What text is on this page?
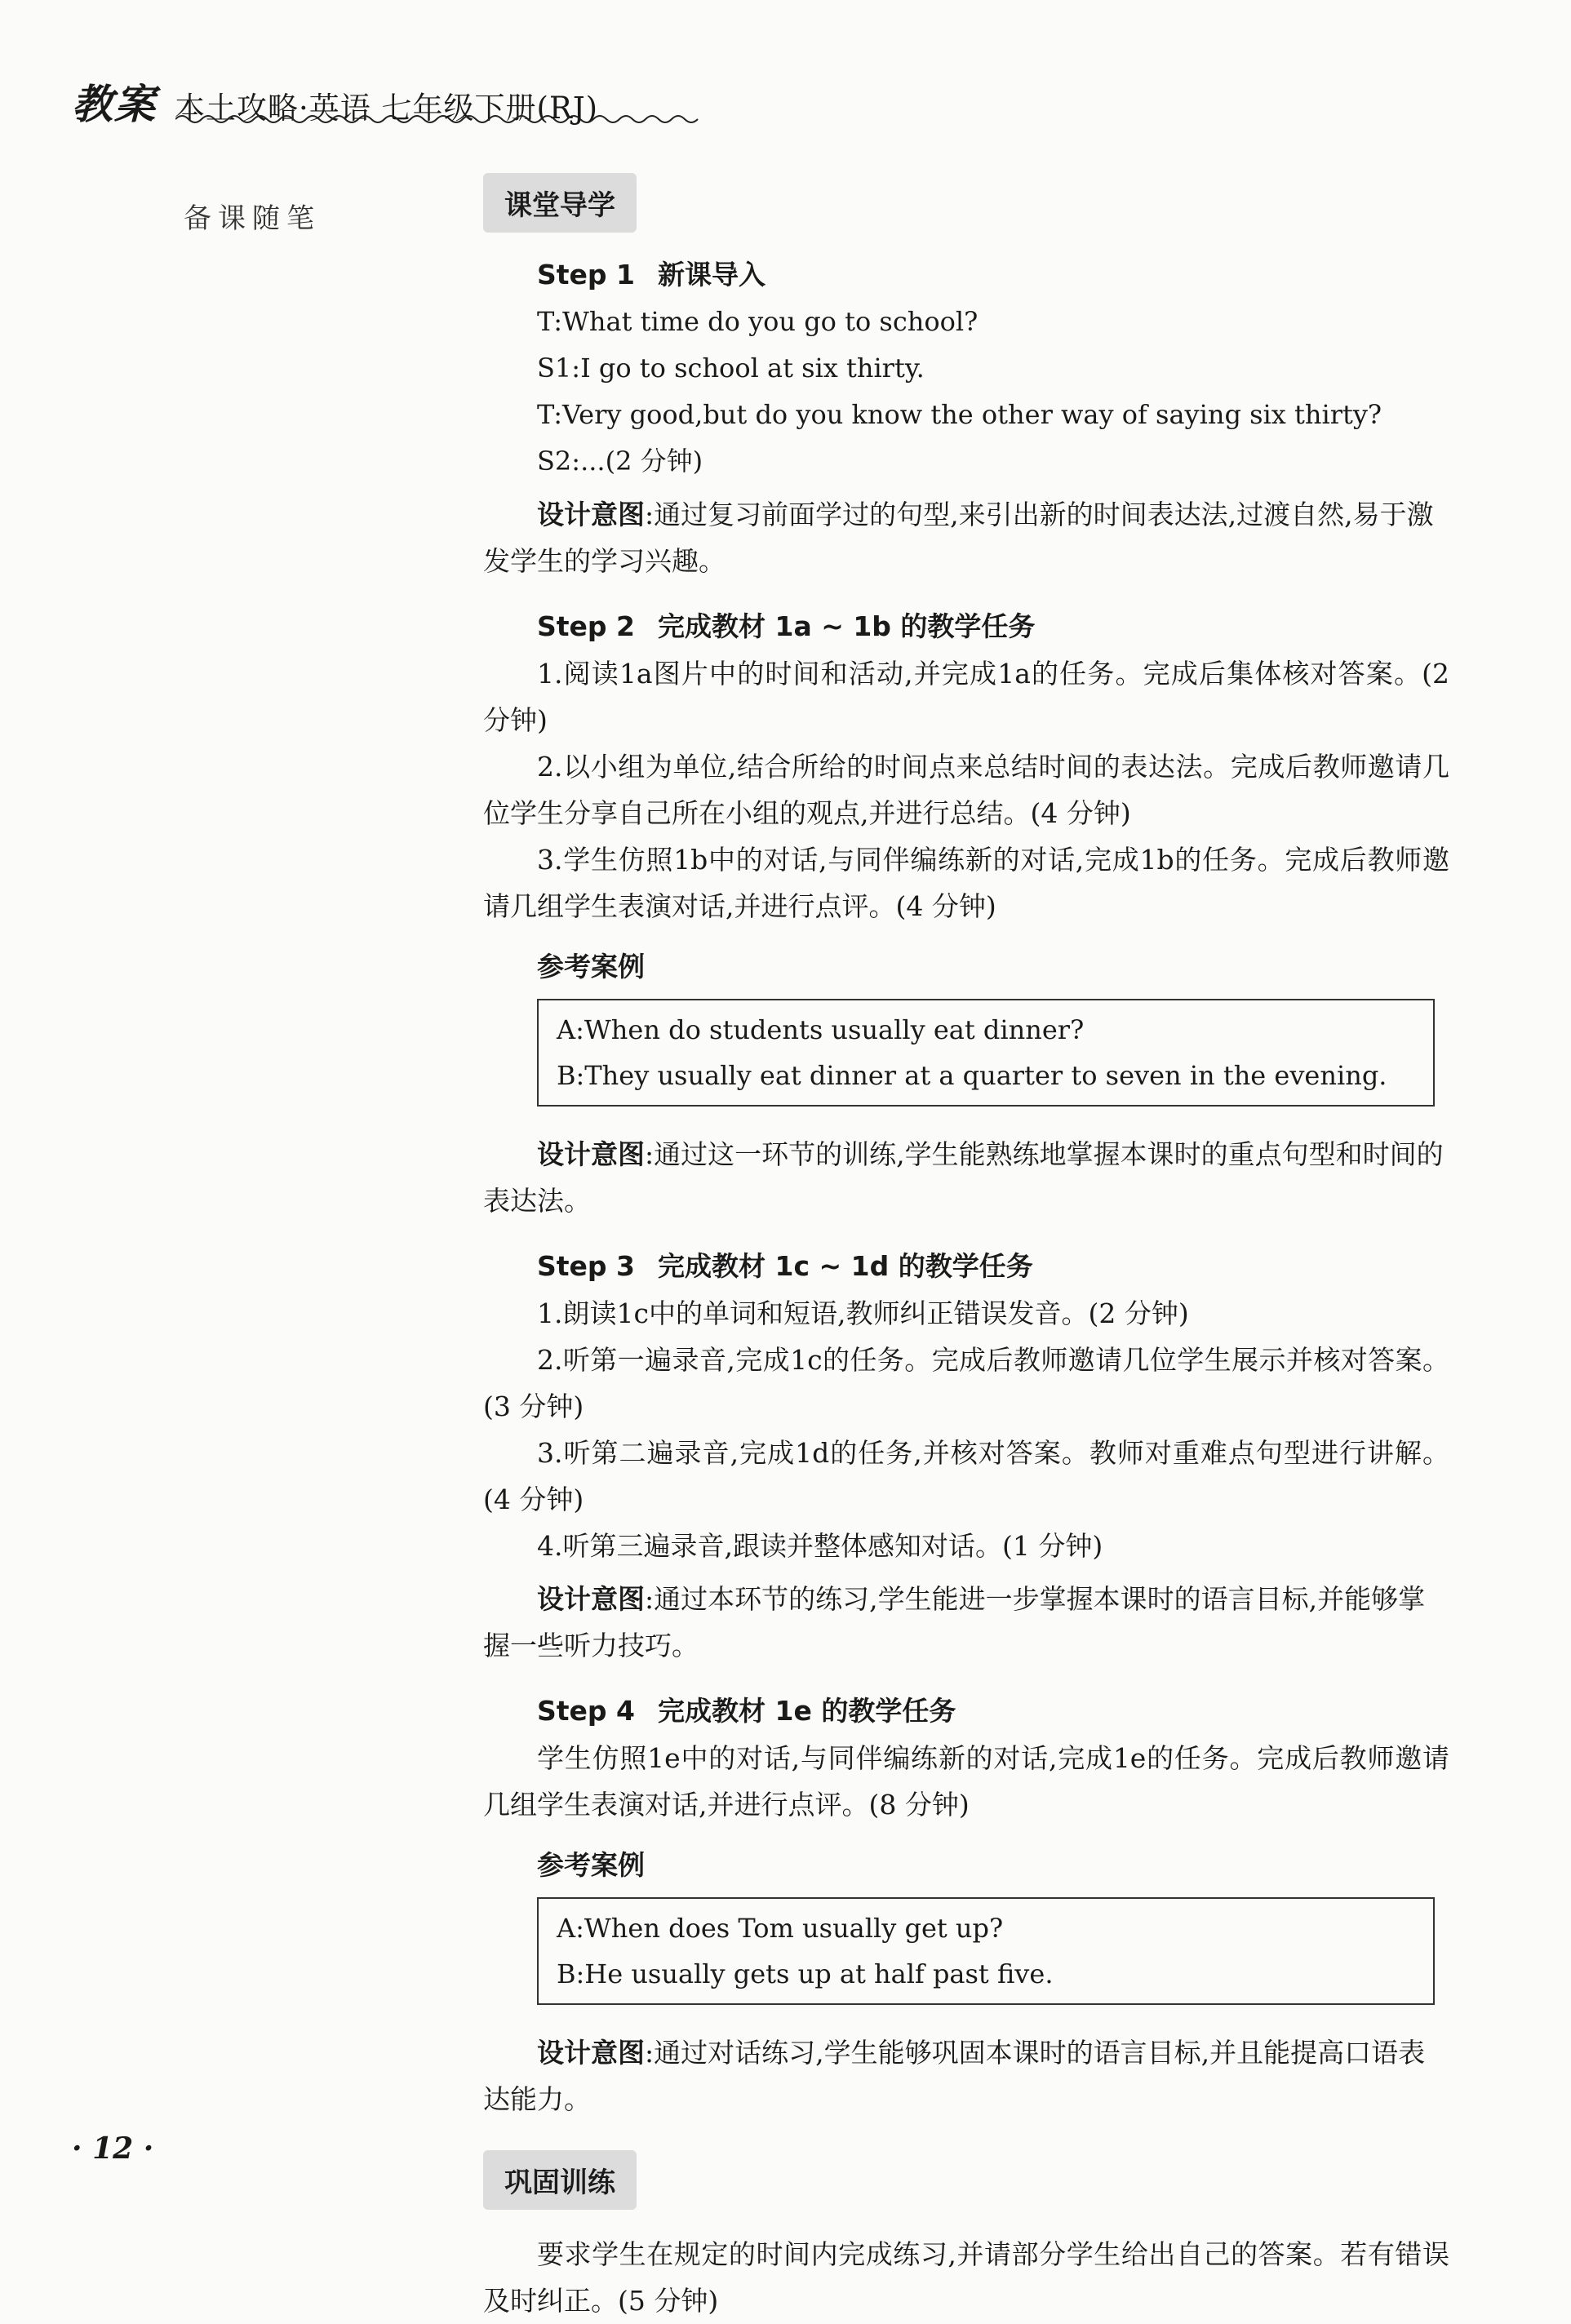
教案 本土攻略·英语 七年级下册(RJ)
备课随笔	课堂导学
Step 1 新课导入
T:What time do you go to school?
S1:I go to school at six thirty.
T:Very good,but do you know the other way of saying six thirty?
S2:...(2 分钟)
设计意图:通过复习前面学过的句型,来引出新的时间表达法,过渡自然,易于激发学生的学习兴趣。
Step 2 完成教材 1a ~ 1b 的教学任务
1.阅读1a图片中的时间和活动,并完成1a的任务。完成后集体核对答案。(2 分钟)
2.以小组为单位,结合所给的时间点来总结时间的表达法。完成后教师邀请几位学生分享自己所在小组的观点,并进行总结。(4 分钟)
3.学生仿照1b中的对话,与同伴编练新的对话,完成1b的任务。完成后教师邀请几组学生表演对话,并进行点评。(4 分钟)
参考案例
A:When do students usually eat dinner?
B:They usually eat dinner at a quarter to seven in the evening.
设计意图:通过这一环节的训练,学生能熟练地掌握本课时的重点句型和时间的表达法。
Step 3 完成教材 1c ~ 1d 的教学任务
1.朗读1c中的单词和短语,教师纠正错误发音。(2 分钟)
2.听第一遍录音,完成1c的任务。完成后教师邀请几位学生展示并核对答案。(3 分钟)
3.听第二遍录音,完成1d的任务,并核对答案。教师对重难点句型进行讲解。(4 分钟)
4.听第三遍录音,跟读并整体感知对话。(1 分钟)
设计意图:通过本环节的练习,学生能进一步掌握本课时的语言目标,并能够掌握一些听力技巧。
Step 4 完成教材 1e 的教学任务
学生仿照1e中的对话,与同伴编练新的对话,完成1e的任务。完成后教师邀请几组学生表演对话,并进行点评。(8 分钟)
参考案例
A:When does Tom usually get up?
B:He usually gets up at half past five.
设计意图:通过对话练习,学生能够巩固本课时的语言目标,并且能提高口语表达能力。
巩固训练
要求学生在规定的时间内完成练习,并请部分学生给出自己的答案。若有错误及时纠正。(5 分钟)
· 12 ·
